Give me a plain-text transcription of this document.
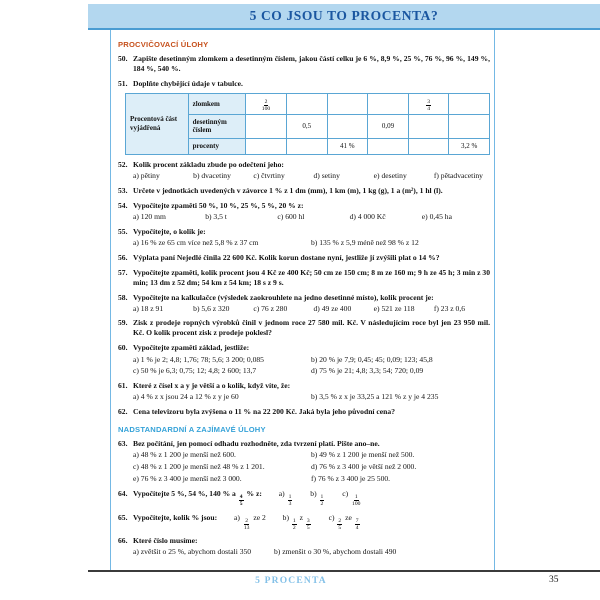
5 CO JSOU TO PROCENTA?
5 PROCENTA	35
PROCVIČOVACÍ ÚLOHY
50. Zapište desetinným zlomkem a desetinným číslem, jakou částí celku je 6 %, 8,9 %, 25 %, 76 %, 96 %, 149 %, 184 %, 540 %.
51. Doplňte chybějící údaje v tabulce.
Procentová část vyjádřená	zlomkem	$\frac{2}{100}$				$\frac{3}{4}$

	desetinným číslem		0,5		0,09		
	procenty			41 %			3,2 %
52. Kolik procent základu zbude po odečtení jeho:
a) pětiny	b) dvacetiny	c) čtvrtiny	d) setiny	e) desetiny	f) pětadvacetiny
53. Určete v jednotkách uvedených v závorce 1 % z 1 dm (mm), 1 km (m), 1 kg (g), 1 a (m²), 1 hl (l).
54. Vypočítejte zpaměti 50 %, 10 %, 25 %, 5 %, 20 % z:
a) 120 mm	b) 3,5 t	c) 600 hl	d) 4 000 Kč	e) 0,45 ha
55. Vypočítejte, o kolik je:
a) 16 % ze 65 cm více než 5,8 % z 37 cm	b) 135 % z 5,9 méně než 98 % z 12
56. Výplata paní Nejedlé činila 22 600 Kč. Kolik korun dostane nyní, jestliže jí zvýšili plat o 14 %?
57. Vypočítejte zpaměti, kolik procent jsou 4 Kč ze 400 Kč; 50 cm ze 150 cm; 8 m ze 160 m; 9 h ze 45 h; 3 min z 30 min; 13 dm z 52 dm; 54 km z 54 km; 18 s z 9 s.
58. Vypočítejte na kalkulačce (výsledek zaokrouhlete na jedno desetinné místo), kolik procent je:
a) 18 z 91	b) 5,6 z 320	c) 76 z 280	d) 49 ze 400	e) 521 ze 118	f) 23 z 0,6
59. Zisk z prodeje ropných výrobků činil v jednom roce 27 580 mil. Kč. V následujícím roce byl jen 23 950 mil. Kč. O kolik procent zisk z prodeje poklesl?
60. Vypočítejte zpaměti základ, jestliže:
a) 1 % je 2; 4,8; 1,76; 78; 5,6; 3 200; 0,085	b) 20 % je 7,9; 0,45; 45; 0,09; 123; 45,8
c) 50 % je 6,3; 0,75; 12; 4,8; 2 600; 13,7	d) 75 % je 21; 4,8; 3,3; 54; 720; 0,09
61. Které z čísel x a y je větší a o kolik, když víte, že:
a) 4 % z x jsou 24 a 12 % z y je 60	b) 3,5 % z x je 33,25 a 121 % z y je 4 235
62. Cena televizoru byla zvýšena o 11 % na 22 200 Kč. Jaká byla jeho původní cena?
NADSTANDARDNÍ A ZAJÍMAVÉ ÚLOHY
63. Bez počítání, jen pomocí odhadu rozhodněte, zda tvrzení platí. Pište ano–ne.
a) 48 % z 1 200 je menší než 600.	b) 49 % z 1 200 je menší než 500.
c) 48 % z 1 200 je menší než 48 % z 1 201.	d) 76 % z 3 400 je větší než 2 000.
e) 76 % z 3 400 je menší než 3 000.	f) 76 % z 3 400 je 25 500.
64. Vypočítejte 5 %, 54 %, 140 % a
$\frac{4}{5}$
% z: a)
$\frac{1}{3}$
b)
$\frac{1}{2}$
c)
$\frac{1}{100}$
65. Vypočítejte, kolik % jsou: a)
$\frac{2}{13}$
ze 2 b)
$\frac{1}{2}$
z
$\frac{3}{5}$
c)
$\frac{2}{5}$
ze
$\frac{7}{4}$
66. Které číslo musíme:
a) zvětšit o 25 %, abychom dostali 350	b) zmenšit o 30 %, abychom dostali 490
